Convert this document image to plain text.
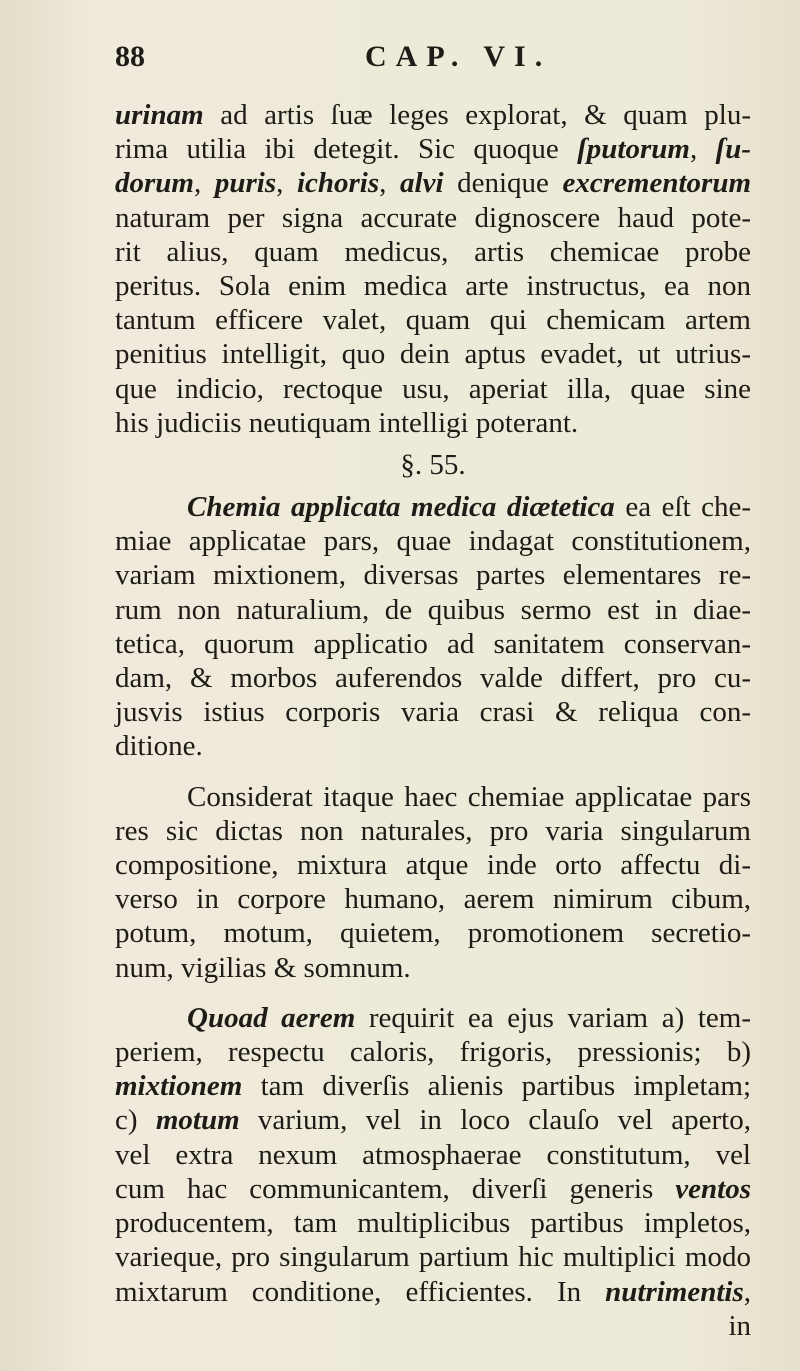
88	CAP. VI.
urinam ad artis ſuæ leges explorat, & quam plu-
rima utilia ibi detegit. Sic quoque ſputorum, ſu-
dorum, puris, ichoris, alvi denique excrementorum
naturam per signa accurate dignoscere haud pote-
rit alius, quam medicus, artis chemicae probe
peritus. Sola enim medica arte instructus, ea non
tantum efficere valet, quam qui chemicam artem
penitius intelligit, quo dein aptus evadet, ut utrius-
que indicio, rectoque usu, aperiat illa, quae sine
his judiciis neutiquam intelligi poterant.
§. 55.
Chemia applicata medica diætetica ea eſt che-
miae applicatae pars, quae indagat constitutionem,
variam mixtionem, diversas partes elementares re-
rum non naturalium, de quibus sermo est in diae-
tetica, quorum applicatio ad sanitatem conservan-
dam, & morbos auferendos valde differt, pro cu-
jusvis istius corporis varia crasi & reliqua con-
ditione.
Considerat itaque haec chemiae applicatae pars
res sic dictas non naturales, pro varia singularum
compositione, mixtura atque inde orto affectu di-
verso in corpore humano, aerem nimirum cibum,
potum, motum, quietem, promotionem secretio-
num, vigilias & somnum.
Quoad aerem requirit ea ejus variam a) tem-
periem, respectu caloris, frigoris, pressionis; b)
mixtionem tam diverſis alienis partibus impletam;
c) motum varium, vel in loco clauſo vel aperto,
vel extra nexum atmosphaerae constitutum, vel
cum hac communicantem, diverſi generis ventos
producentem, tam multiplicibus partibus impletos,
varieque, pro singularum partium hic multiplici modo
mixtarum conditione, efficientes. In nutrimentis,
in
